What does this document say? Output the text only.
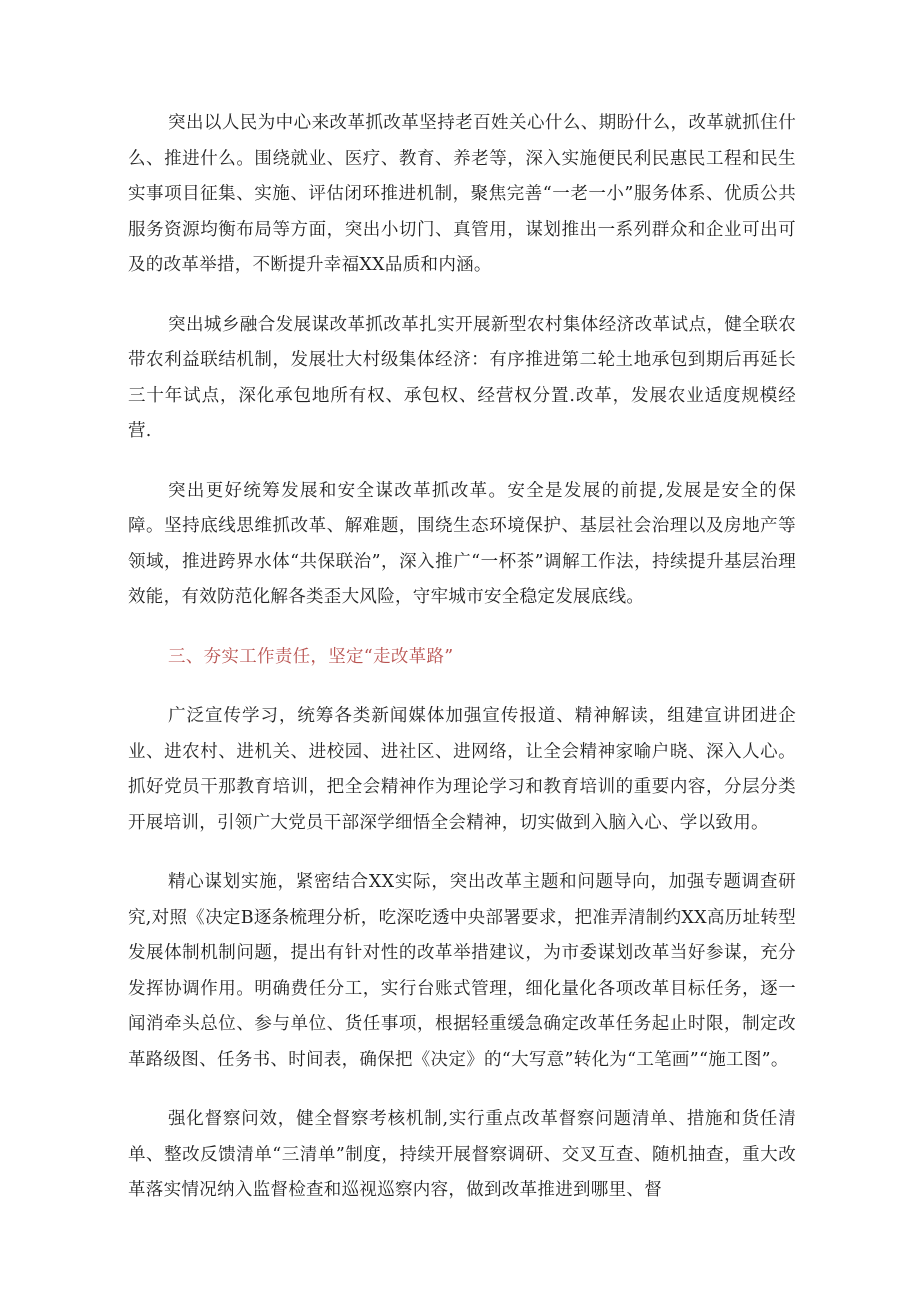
突出以人民为中心来改革抓改革坚持老百姓关心什么、期盼什么，改革就抓住什么、推进什么。围绕就业、医疗、教育、养老等，深入实施便民利民惠民工程和民生实事项目征集、实施、评估闭环推进机制，聚焦完善“一老一小”服务体系、优质公共服务资源均衡布局等方面，突出小切门、真管用，谋划推出一系列群众和企业可出可及的改革举措，不断提升幸福XX品质和内涵。

突出城乡融合发展谋改革抓改革扎实开展新型农村集体经济改革试点，健全联农带农利益联结机制，发展壮大村级集体经济：有序推进第二轮土地承包到期后再延长三十年试点，深化承包地所有权、承包权、经营权分置.改革，发展农业适度规模经营.

突出更好统筹发展和安全谋改革抓改革。安全是发展的前提,发展是安全的保障。坚持底线思维抓改革、解难题，围绕生态环境保护、基层社会治理以及房地产等领域，推进跨界水体“共保联治”，深入推广“一杯茶”调解工作法，持续提升基层治理效能，有效防范化解各类歪大风险，守牢城市安全稳定发展底线。

三、夯实工作责任，坚定“走改革路”

广泛宣传学习，统筹各类新闻媒体加强宣传报道、精神解读，组建宣讲团进企业、进农村、进机关、进校园、进社区、进网络，让全会精神家喻户晓、深入人心。抓好党员干那教育培训，把全会精神作为理论学习和教育培训的重要内容，分层分类开展培训，引领广大党员干部深学细悟全会精神，切实做到入脑入心、学以致用。

精心谋划实施，紧密结合XX实际，突出改革主题和问题导向，加强专题调查研究,对照《决定B逐条梳理分析，吃深吃透中央部署要求，把准弄清制约XX高历址转型发展体制机制问题，提出有针对性的改革举措建议，为市委谋划改革当好参谋，充分发挥协调作用。明确费任分工，实行台账式管理，细化量化各项改革目标任务，逐一闻消牵头总位、参与单位、货任事项，根据轻重缓急确定改革任务起止时限，制定改革路级图、任务书、时间表，确保把《决定》的“大写意”转化为“工笔画”“施工图”。

强化督察问效，健全督察考核机制,实行重点改革督察问题清单、措施和货任清单、整改反馈清单“三清单”制度，持续开展督察调研、交叉互查、随机抽查，重大改革落实情况纳入监督检查和巡视巡察内容，做到改革推进到哪里、督
